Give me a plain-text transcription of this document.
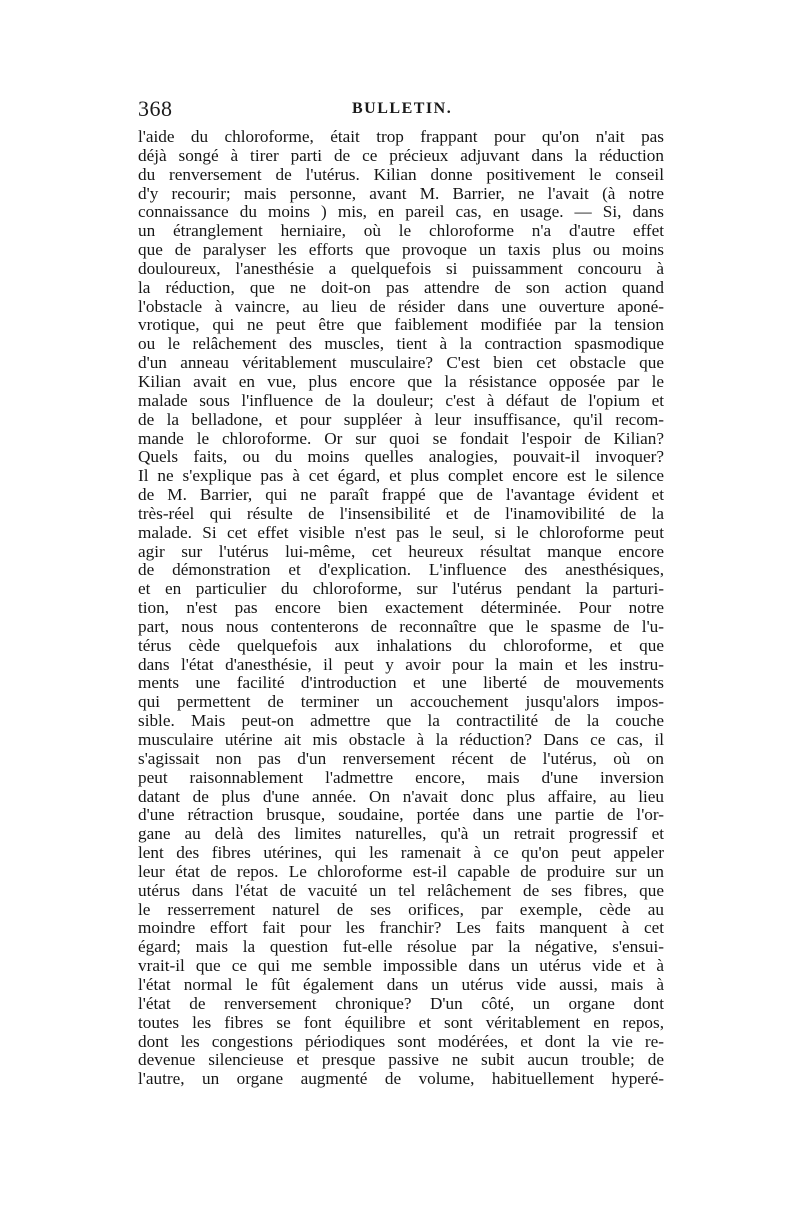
368	BULLETIN.
l'aide du chloroforme, était trop frappant pour qu'on n'ait pas
déjà songé à tirer parti de ce précieux adjuvant dans la réduction
du renversement de l'utérus. Kilian donne positivement le conseil
d'y recourir; mais personne, avant M. Barrier, ne l'avait (à notre
connaissance du moins ) mis, en pareil cas, en usage. — Si, dans
un étranglement herniaire, où le chloroforme n'a d'autre effet
que de paralyser les efforts que provoque un taxis plus ou moins
douloureux, l'anesthésie a quelquefois si puissamment concouru à
la réduction, que ne doit-on pas attendre de son action quand
l'obstacle à vaincre, au lieu de résider dans une ouverture aponé-
vrotique, qui ne peut être que faiblement modifiée par la tension
ou le relâchement des muscles, tient à la contraction spasmodique
d'un anneau véritablement musculaire? C'est bien cet obstacle que
Kilian avait en vue, plus encore que la résistance opposée par le
malade sous l'influence de la douleur; c'est à défaut de l'opium et
de la belladone, et pour suppléer à leur insuffisance, qu'il recom-
mande le chloroforme. Or sur quoi se fondait l'espoir de Kilian?
Quels faits, ou du moins quelles analogies, pouvait-il invoquer?
Il ne s'explique pas à cet égard, et plus complet encore est le silence
de M. Barrier, qui ne paraît frappé que de l'avantage évident et
très-réel qui résulte de l'insensibilité et de l'inamovibilité de la
malade. Si cet effet visible n'est pas le seul, si le chloroforme peut
agir sur l'utérus lui-même, cet heureux résultat manque encore
de démonstration et d'explication. L'influence des anesthésiques,
et en particulier du chloroforme, sur l'utérus pendant la parturi-
tion, n'est pas encore bien exactement déterminée. Pour notre
part, nous nous contenterons de reconnaître que le spasme de l'u-
térus cède quelquefois aux inhalations du chloroforme, et que
dans l'état d'anesthésie, il peut y avoir pour la main et les instru-
ments une facilité d'introduction et une liberté de mouvements
qui permettent de terminer un accouchement jusqu'alors impos-
sible. Mais peut-on admettre que la contractilité de la couche
musculaire utérine ait mis obstacle à la réduction? Dans ce cas, il
s'agissait non pas d'un renversement récent de l'utérus, où on
peut raisonnablement l'admettre encore, mais d'une inversion
datant de plus d'une année. On n'avait donc plus affaire, au lieu
d'une rétraction brusque, soudaine, portée dans une partie de l'or-
gane au delà des limites naturelles, qu'à un retrait progressif et
lent des fibres utérines, qui les ramenait à ce qu'on peut appeler
leur état de repos. Le chloroforme est-il capable de produire sur un
utérus dans l'état de vacuité un tel relâchement de ses fibres, que
le resserrement naturel de ses orifices, par exemple, cède au
moindre effort fait pour les franchir? Les faits manquent à cet
égard; mais la question fut-elle résolue par la négative, s'ensui-
vrait-il que ce qui me semble impossible dans un utérus vide et à
l'état normal le fût également dans un utérus vide aussi, mais à
l'état de renversement chronique? D'un côté, un organe dont
toutes les fibres se font équilibre et sont véritablement en repos,
dont les congestions périodiques sont modérées, et dont la vie re-
devenue silencieuse et presque passive ne subit aucun trouble; de
l'autre, un organe augmenté de volume, habituellement hyperé-
